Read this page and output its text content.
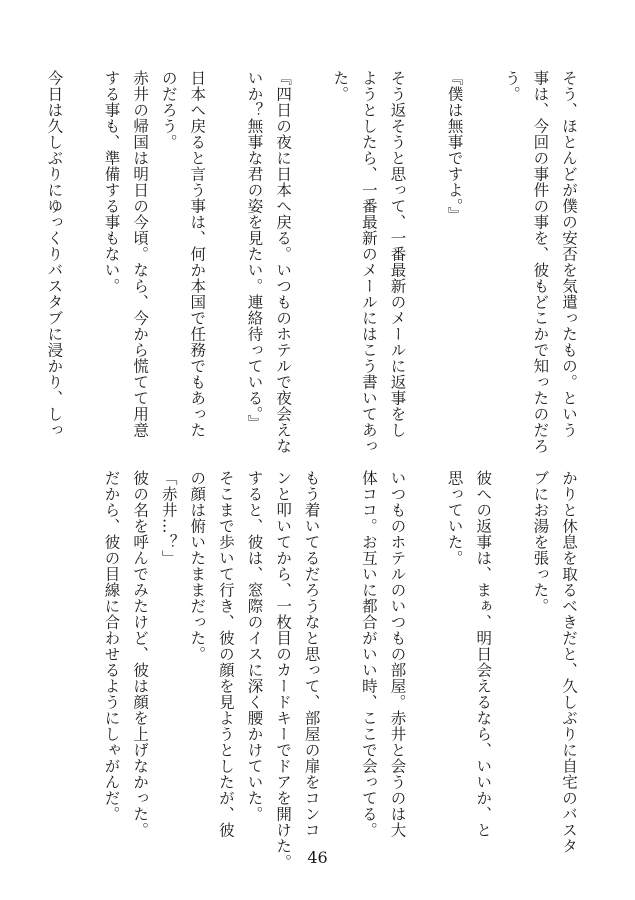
そう、ほとんどが僕の安否を気遣ったもの。という
事は、今回の事件の事を、彼もどこかで知ったのだろ
う。
『僕は無事ですよ。』
そう返そうと思って、一番最新のメールに返事をし
ようとしたら、一番最新のメールにはこう書いてあっ
た。
『四日の夜に日本へ戻る。いつものホテルで夜会えな
いか？無事な君の姿を見たい。連絡待っている。』
日本へ戻ると言う事は、何か本国で任務でもあった
のだろう。
赤井の帰国は明日の今頃。なら、今から慌てて用意
する事も、準備する事もない。
今日は久しぶりにゆっくりバスタブに浸かり、しっ
かりと休息を取るべきだと、久しぶりに自宅のバスタ
ブにお湯を張った。
彼への返事は、まぁ、明日会えるなら、いいか、と
思っていた。
いつものホテルのいつもの部屋。赤井と会うのは大
体ココ。お互いに都合がいい時、ここで会ってる。
もう着いてるだろうなと思って、部屋の扉をコンコ
ンと叩いてから、一枚目のカードキーでドアを開けた。
すると、彼は、窓際のイスに深く腰かけていた。
そこまで歩いて行き、彼の顔を見ようとしたが、彼
の顔は俯いたままだった。
「赤井…？」
彼の名を呼んでみたけど、彼は顔を上げなかった。
だから、彼の目線に合わせるようにしゃがんだ。
46
